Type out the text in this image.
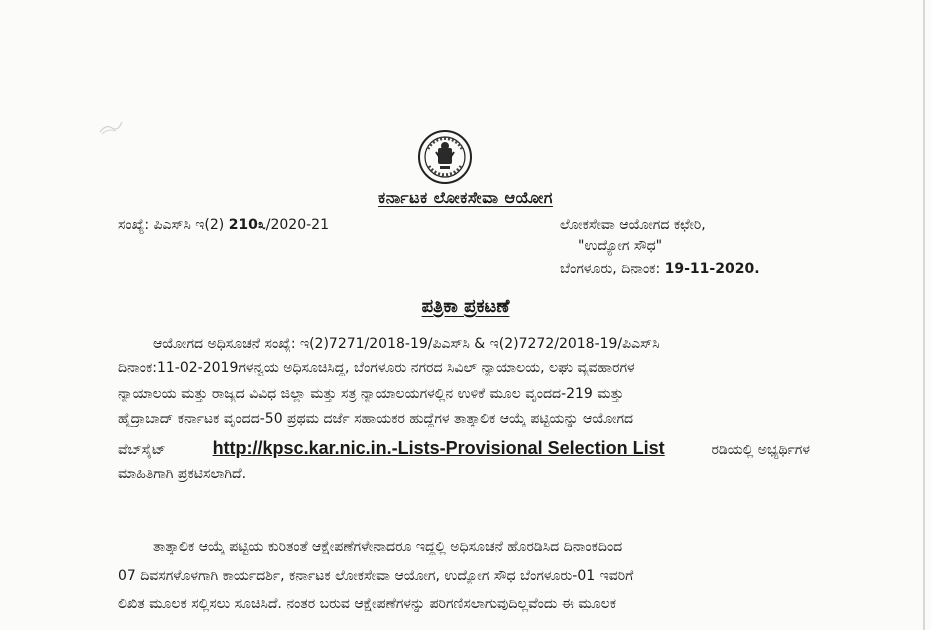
ಕರ್ನಾಟಕ ಲೋಕಸೇವಾ ಆಯೋಗ
ಸಂಖ್ಯೆ: ಪಿಎಸ್‌ಸಿ ಇ(2) 210೩/2020-21	ಲೋಕಸೇವಾ ಆಯೋಗದ ಕಛೇರಿ,
"ಉದ್ಯೋಗ ಸೌಧ"
ಬೆಂಗಳೂರು, ದಿನಾಂಕ: 19-11-2020.
ಪತ್ರಿಕಾ ಪ್ರಕಟಣೆ
ಆಯೋಗದ ಅಧಿಸೂಚನೆ ಸಂಖ್ಯೆ: ಇ(2)7271/2018-19/ಪಿಎಸ್‌ಸಿ & ಇ(2)7272/2018-19/ಪಿಎಸ್‌ಸಿ
ದಿನಾಂಕ:11-02-2019ಗಳನ್ವಯ ಅಧಿಸೂಚಿಸಿದ್ದ, ಬೆಂಗಳೂರು ನಗರದ ಸಿವಿಲ್ ನ್ಯಾಯಾಲಯ, ಲಘು ವ್ಯವಹಾರಗಳ
ನ್ಯಾಯಾಲಯ ಮತ್ತು ರಾಜ್ಯದ ವಿವಿಧ ಜಿಲ್ಲಾ ಮತ್ತು ಸತ್ರ ನ್ಯಾಯಾಲಯಗಳಲ್ಲಿನ ಉಳಿಕೆ ಮೂಲ ವೃಂದದ-219 ಮತ್ತು
ಹೈದ್ರಾಬಾದ್ ಕರ್ನಾಟಕ ವೃಂದದ-50 ಪ್ರಥಮ ದರ್ಜೆ ಸಹಾಯಕರ ಹುದ್ದೆಗಳ ತಾತ್ಕಾಲಿಕ ಆಯ್ಕೆ ಪಟ್ಟಿಯನ್ನು ಆಯೋಗದ
ವೆಬ್‌ಸೈಟ್	http://kpsc.kar.nic.in.-Lists-Provisional Selection List	ರಡಿಯಲ್ಲಿ ಅಭ್ಯರ್ಥಿಗಳ
ಮಾಹಿತಿಗಾಗಿ ಪ್ರಕಟಿಸಲಾಗಿದೆ.
ತಾತ್ಕಾಲಿಕ ಆಯ್ಕೆ ಪಟ್ಟಿಯ ಕುರಿತಂತೆ ಆಕ್ಷೇಪಣೆಗಳೇನಾದರೂ ಇದ್ದಲ್ಲಿ ಅಧಿಸೂಚನೆ ಹೊರಡಿಸಿದ ದಿನಾಂಕದಿಂದ
07 ದಿವಸಗಳೊಳಗಾಗಿ ಕಾರ್ಯದರ್ಶಿ, ಕರ್ನಾಟಕ ಲೋಕಸೇವಾ ಆಯೋಗ, ಉದ್ಯೋಗ ಸೌಧ ಬೆಂಗಳೂರು-01 ಇವರಿಗೆ
ಲಿಖಿತ ಮೂಲಕ ಸಲ್ಲಿಸಲು ಸೂಚಿಸಿದೆ. ನಂತರ ಬರುವ ಆಕ್ಷೇಪಣೆಗಳನ್ನು ಪರಿಗಣಿಸಲಾಗುವುದಿಲ್ಲವೆಂದು ಈ ಮೂಲಕ
